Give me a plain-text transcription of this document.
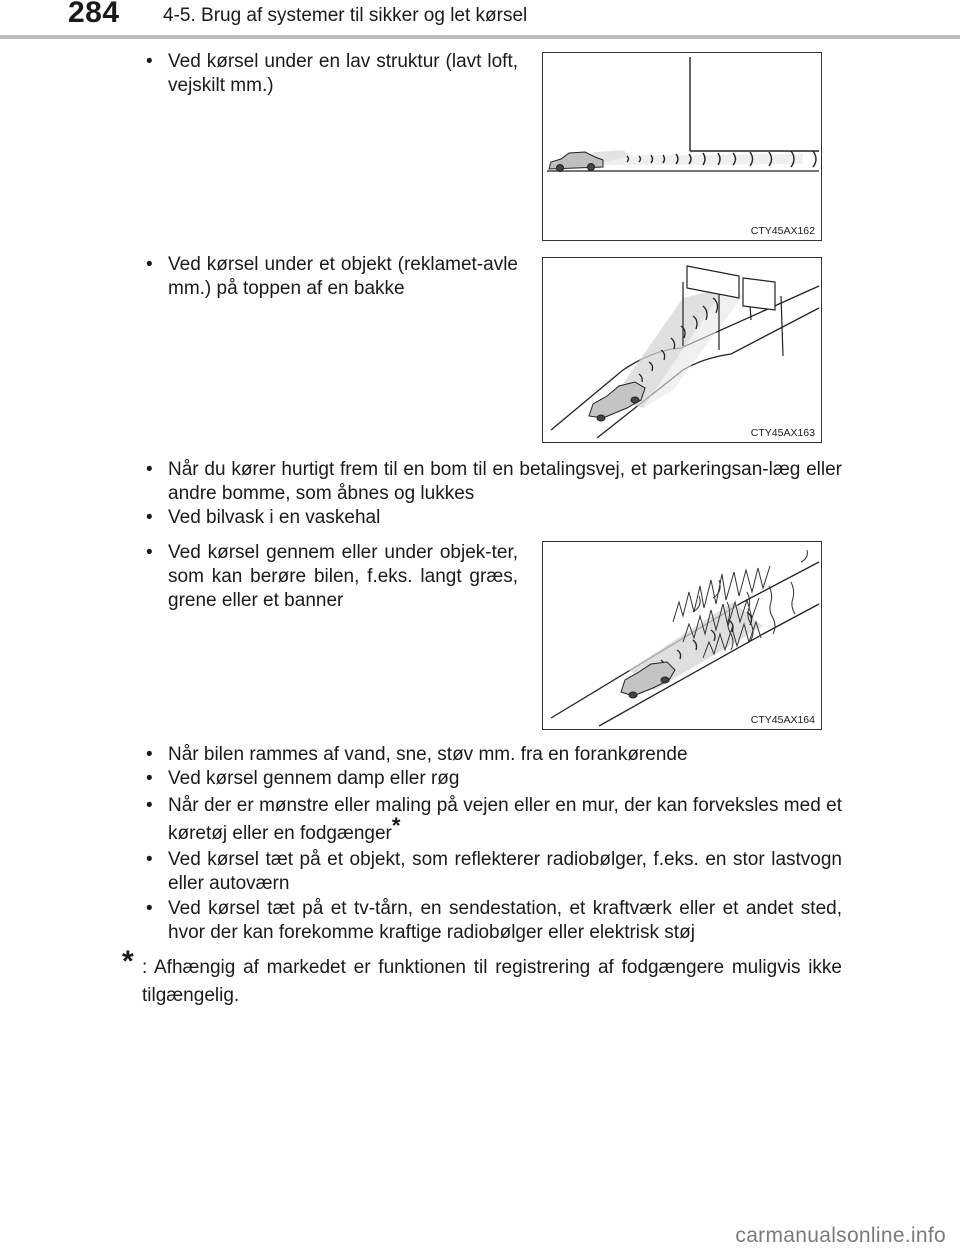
284 4-5. Brug af systemer til sikker og let kørsel
• Ved kørsel under en lav struktur (lavt loft, vejskilt mm.)
CTY45AX162
• Ved kørsel under et objekt (reklamet-avle mm.) på toppen af en bakke
CTY45AX163
• Når du kører hurtigt frem til en bom til en betalingsvej, et parkeringsan-læg eller andre bomme, som åbnes og lukkes
• Ved bilvask i en vaskehal
• Ved kørsel gennem eller under objek-ter, som kan berøre bilen, f.eks. langt græs, grene eller et banner
CTY45AX164
• Når bilen rammes af vand, sne, støv mm. fra en forankørende
• Ved kørsel gennem damp eller røg
• Når der er mønstre eller maling på vejen eller en mur, der kan forveksles med et køretøj eller en fodgænger*
• Ved kørsel tæt på et objekt, som reflekterer radiobølger, f.eks. en stor lastvogn eller autoværn
• Ved kørsel tæt på et tv-tårn, en sendestation, et kraftværk eller et andet sted, hvor der kan forekomme kraftige radiobølger eller elektrisk støj
* : Afhængig af markedet er funktionen til registrering af fodgængere muligvis ikke tilgængelig.
carmanualsonline.info
